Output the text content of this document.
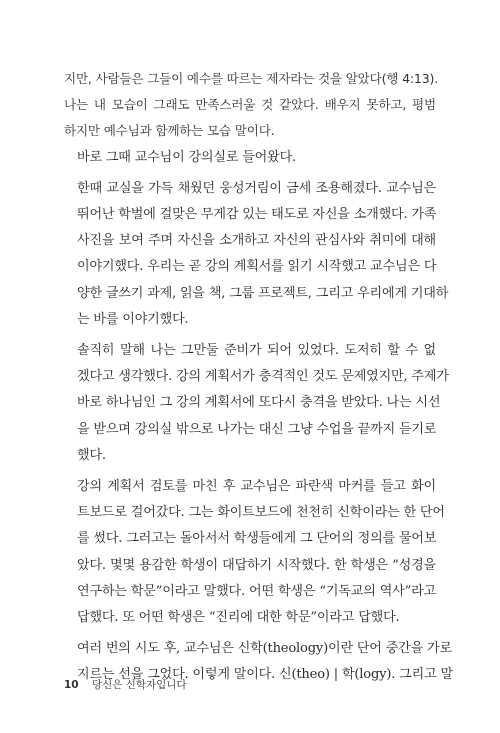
지만, 사람들은 그들이 예수를 따르는 제자라는 것을 알았다(행 4:13).
나는 내 모습이 그래도 만족스러울 것 같았다. 배우지 못하고, 평범
하지만 예수님과 함께하는 모습 말이다.

바로 그때 교수님이 강의실로 들어왔다.

한때 교실을 가득 채웠던 웅성거림이 금세 조용해졌다. 교수님은
뛰어난 학벌에 걸맞은 무게감 있는 태도로 자신을 소개했다. 가족
사진을 보여 주며 자신을 소개하고 자신의 관심사와 취미에 대해
이야기했다. 우리는 곧 강의 계획서를 읽기 시작했고 교수님은 다
양한 글쓰기 과제, 읽을 책, 그룹 프로젝트, 그리고 우리에게 기대하
는 바를 이야기했다.

솔직히 말해 나는 그만둘 준비가 되어 있었다. 도저히 할 수 없
겠다고 생각했다. 강의 계획서가 충격적인 것도 문제였지만, 주제가
바로 하나님인 그 강의 계획서에 또다시 충격을 받았다. 나는 시선
을 받으며 강의실 밖으로 나가는 대신 그냥 수업을 끝까지 듣기로
했다.

강의 계획서 검토를 마친 후 교수님은 파란색 마커를 들고 화이
트보드로 걸어갔다. 그는 화이트보드에 천천히 신학이라는 한 단어
를 썼다. 그러고는 돌아서서 학생들에게 그 단어의 정의를 물어보
았다. 몇몇 용감한 학생이 대답하기 시작했다. 한 학생은 “성경을
연구하는 학문”이라고 말했다. 어떤 학생은 “기독교의 역사”라고
답했다. 또 어떤 학생은 “진리에 대한 학문”이라고 답했다.

여러 번의 시도 후, 교수님은 신학(theology)이란 단어 중간을 가로
지르는 선을 그었다. 이렇게 말이다. 신(theo) | 학(logy). 그리고 말

10 당신은 신학자입니다
